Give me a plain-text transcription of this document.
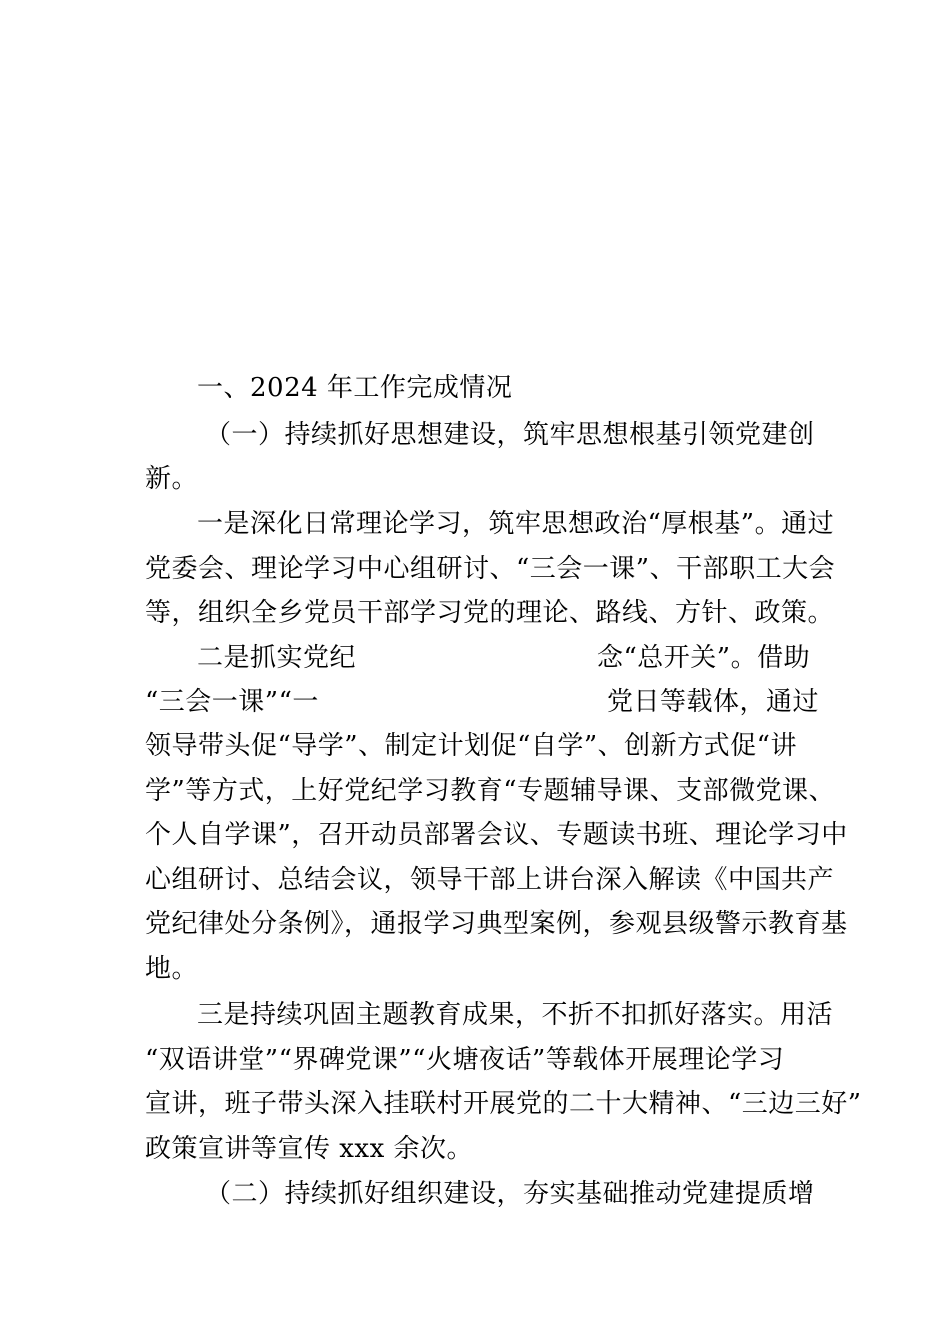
一、2024 年工作完成情况
（一）持续抓好思想建设，筑牢思想根基引领党建创
新。
一是深化日常理论学习，筑牢思想政治“厚根基”。通过
党委会、理论学习中心组研讨、“三会一课”、干部职工大会
等，组织全乡党员干部学习党的理论、路线、方针、政策。
二是抓实党纪	念“总开关”。借助
“三会一课”“一	党日等载体，通过
领导带头促“导学”、制定计划促“自学”、创新方式促“讲
学”等方式，上好党纪学习教育“专题辅导课、支部微党课、
个人自学课”，召开动员部署会议、专题读书班、理论学习中
心组研讨、总结会议，领导干部上讲台深入解读《中国共产
党纪律处分条例》，通报学习典型案例，参观县级警示教育基
地。
三是持续巩固主题教育成果，不折不扣抓好落实。用活
“双语讲堂”“界碑党课”“火塘夜话”等载体开展理论学习
宣讲，班子带头深入挂联村开展党的二十大精神、“三边三好”
政策宣讲等宣传 xxx 余次。
（二）持续抓好组织建设，夯实基础推动党建提质增
